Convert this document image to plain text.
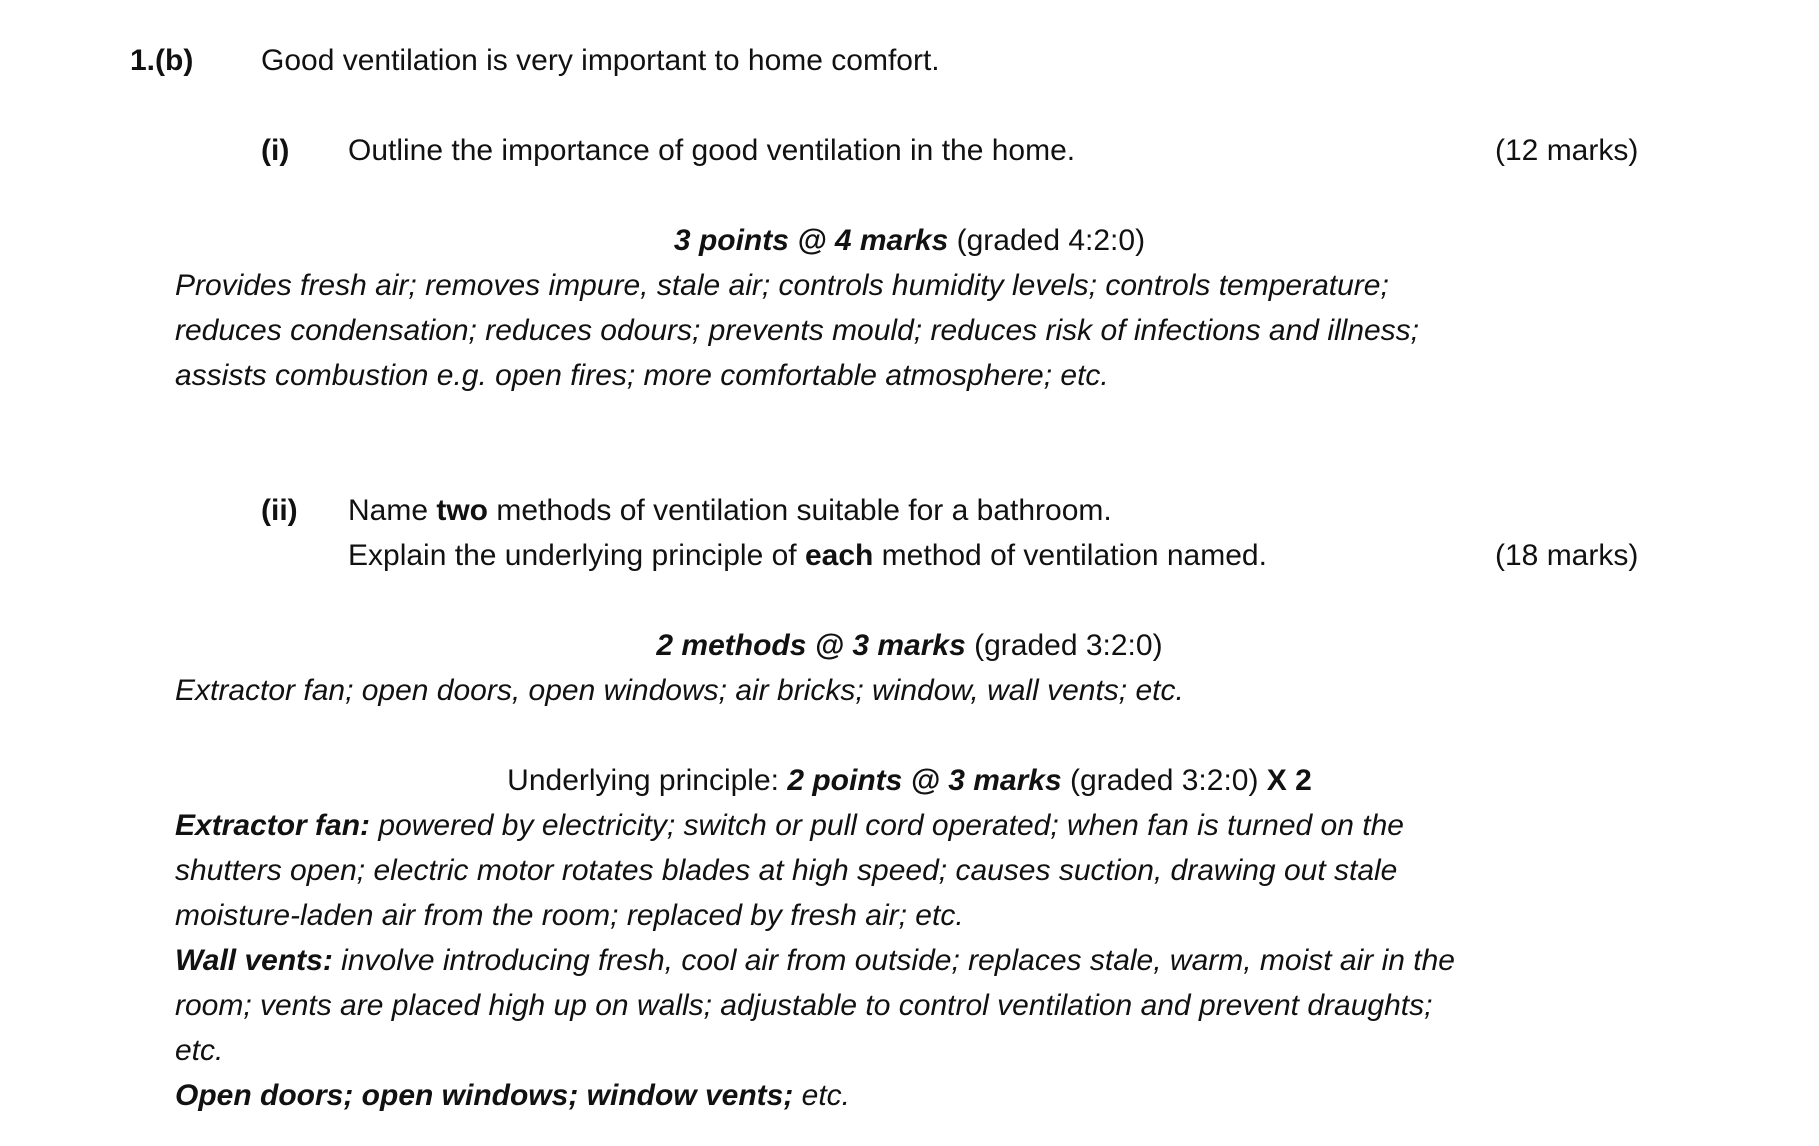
1.(b) Good ventilation is very important to home comfort.
(i) Outline the importance of good ventilation in the home.	(12 marks)
3 points @ 4 marks (graded 4:2:0)
Provides fresh air; removes impure, stale air; controls humidity levels; controls temperature;
reduces condensation; reduces odours; prevents mould; reduces risk of infections and illness;
assists combustion e.g. open fires; more comfortable atmosphere; etc.
(ii) Name two methods of ventilation suitable for a bathroom.
Explain the underlying principle of each method of ventilation named.	(18 marks)
2 methods @ 3 marks (graded 3:2:0)
Extractor fan; open doors, open windows; air bricks; window, wall vents; etc.
Underlying principle: 2 points @ 3 marks (graded 3:2:0) X 2
Extractor fan: powered by electricity; switch or pull cord operated; when fan is turned on the
shutters open; electric motor rotates blades at high speed; causes suction, drawing out stale
moisture-laden air from the room; replaced by fresh air; etc.
Wall vents: involve introducing fresh, cool air from outside; replaces stale, warm, moist air in the
room; vents are placed high up on walls; adjustable to control ventilation and prevent draughts;
etc.
Open doors; open windows; window vents; etc.
